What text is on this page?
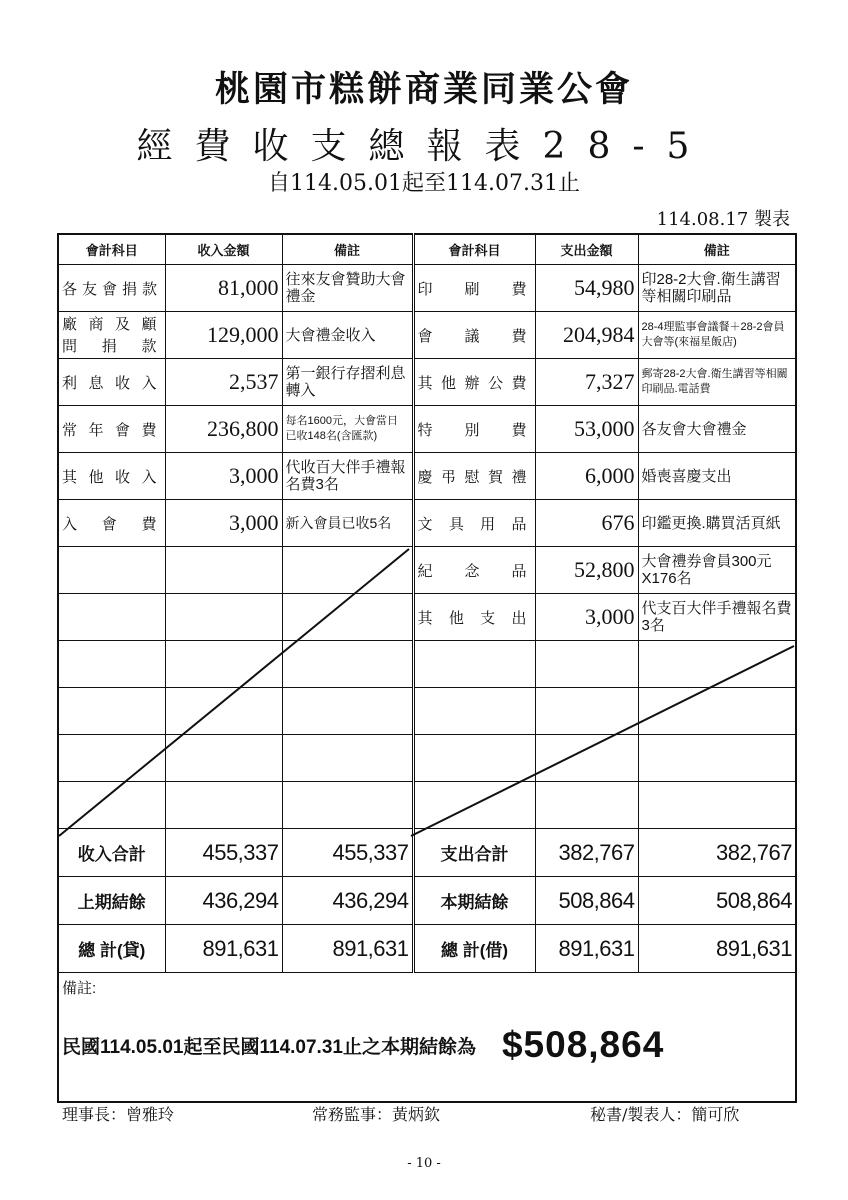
桃園市糕餅商業同業公會
經費收支總報表28-5
自114.05.01起至114.07.31止
114.08.17 製表
會計科目	收入金額	備註	會計科目	支出金額	備註
各友會捐款	81,000	往來友會贊助大會禮金	印刷費	54,980	印28-2大會.衛生講習等相關印刷品
廠商及顧問捐款	129,000	大會禮金收入	會議費	204,984	28-4理監事會議餐＋28-2會員大會等(來福星飯店)
利息收入	2,537	第一銀行存摺利息轉入	其他辦公費	7,327	郵寄28-2大會.衛生講習等相關印刷品.電話費
常年會費	236,800	每名1600元，大會當日已收148名(含匯款)	特別費	53,000	各友會大會禮金
其他收入	3,000	代收百大伴手禮報名費3名	慶弔慰賀禮	6,000	婚喪喜慶支出
入會費	3,000	新入會員已收5名	文具用品	676	印鑑更換.購買活頁紙
			紀念品	52,800	大會禮券會員300元X176名
			其他支出	3,000	代支百大伴手禮報名費3名

收入合計	455,337	455,337	支出合計	382,767	382,767
上期結餘	436,294	436,294	本期結餘	508,864	508,864
總 計(貸)	891,631	891,631	總 計(借)	891,631	891,631

備註:
民國114.05.01起至民國114.07.31止之本期結餘為 $508,864					
理事長：曾雅玲	常務監事：黃炳欽	秘書/製表人：簡可欣
- 10 -
